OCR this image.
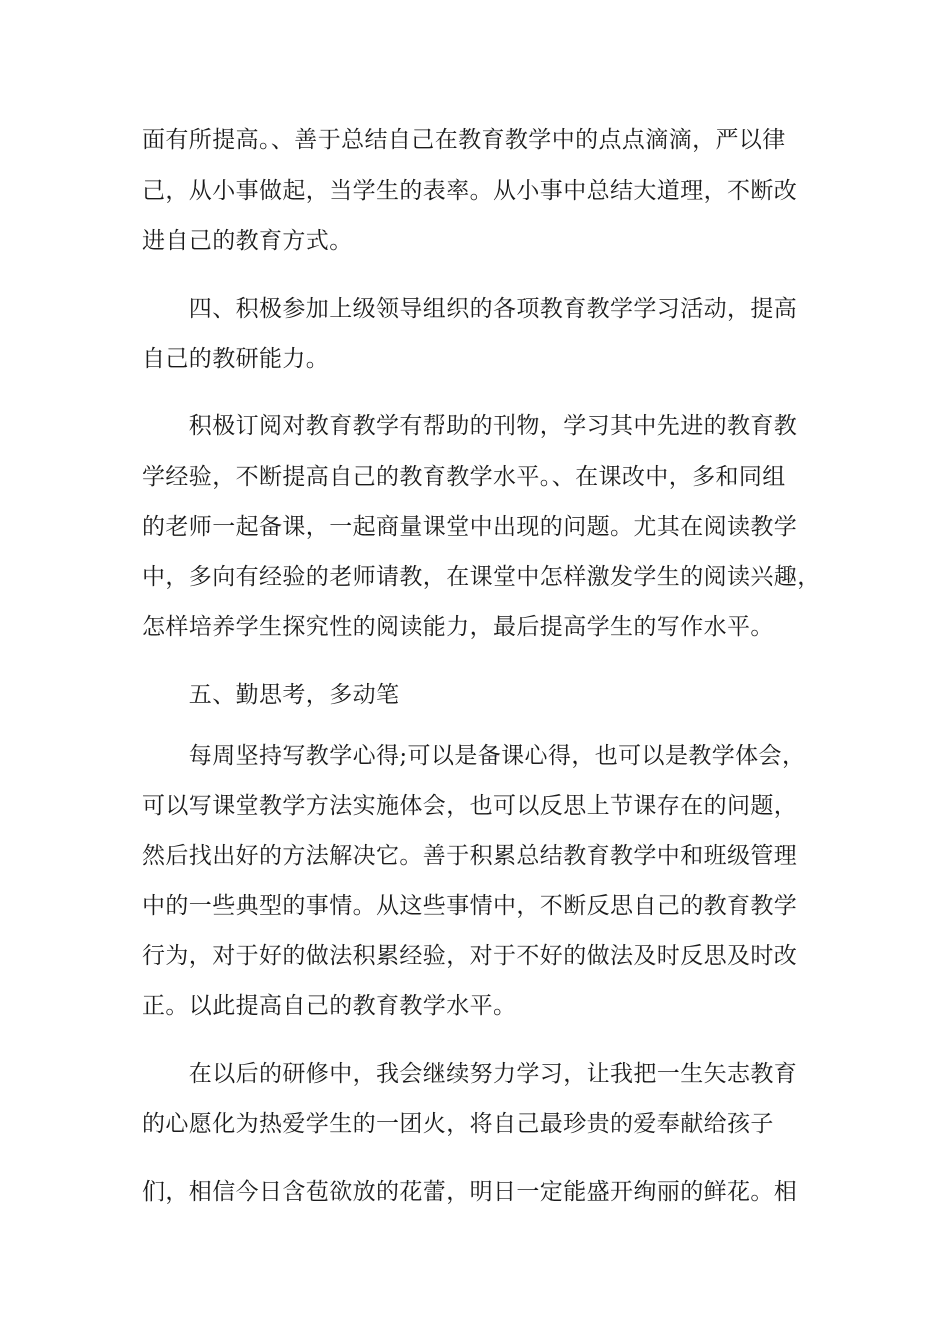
面有所提高。、善于总结自己在教育教学中的点点滴滴，严以律

己，从小事做起，当学生的表率。从小事中总结大道理，不断改

进自己的教育方式。

　　四、积极参加上级领导组织的各项教育教学学习活动，提高

自己的教研能力。

　　积极订阅对教育教学有帮助的刊物，学习其中先进的教育教

学经验，不断提高自己的教育教学水平。、在课改中，多和同组

的老师一起备课，一起商量课堂中出现的问题。尤其在阅读教学

中，多向有经验的老师请教，在课堂中怎样激发学生的阅读兴趣，

怎样培养学生探究性的阅读能力，最后提高学生的写作水平。

　　五、勤思考，多动笔

　　每周坚持写教学心得;可以是备课心得，也可以是教学体会，

可以写课堂教学方法实施体会，也可以反思上节课存在的问题，

然后找出好的方法解决它。善于积累总结教育教学中和班级管理

中的一些典型的事情。从这些事情中，不断反思自己的教育教学

行为，对于好的做法积累经验，对于不好的做法及时反思及时改

正。以此提高自己的教育教学水平。

　　在以后的研修中，我会继续努力学习，让我把一生矢志教育

的心愿化为热爱学生的一团火，将自己最珍贵的爱奉献给孩子

们，相信今日含苞欲放的花蕾，明日一定能盛开绚丽的鲜花。相
